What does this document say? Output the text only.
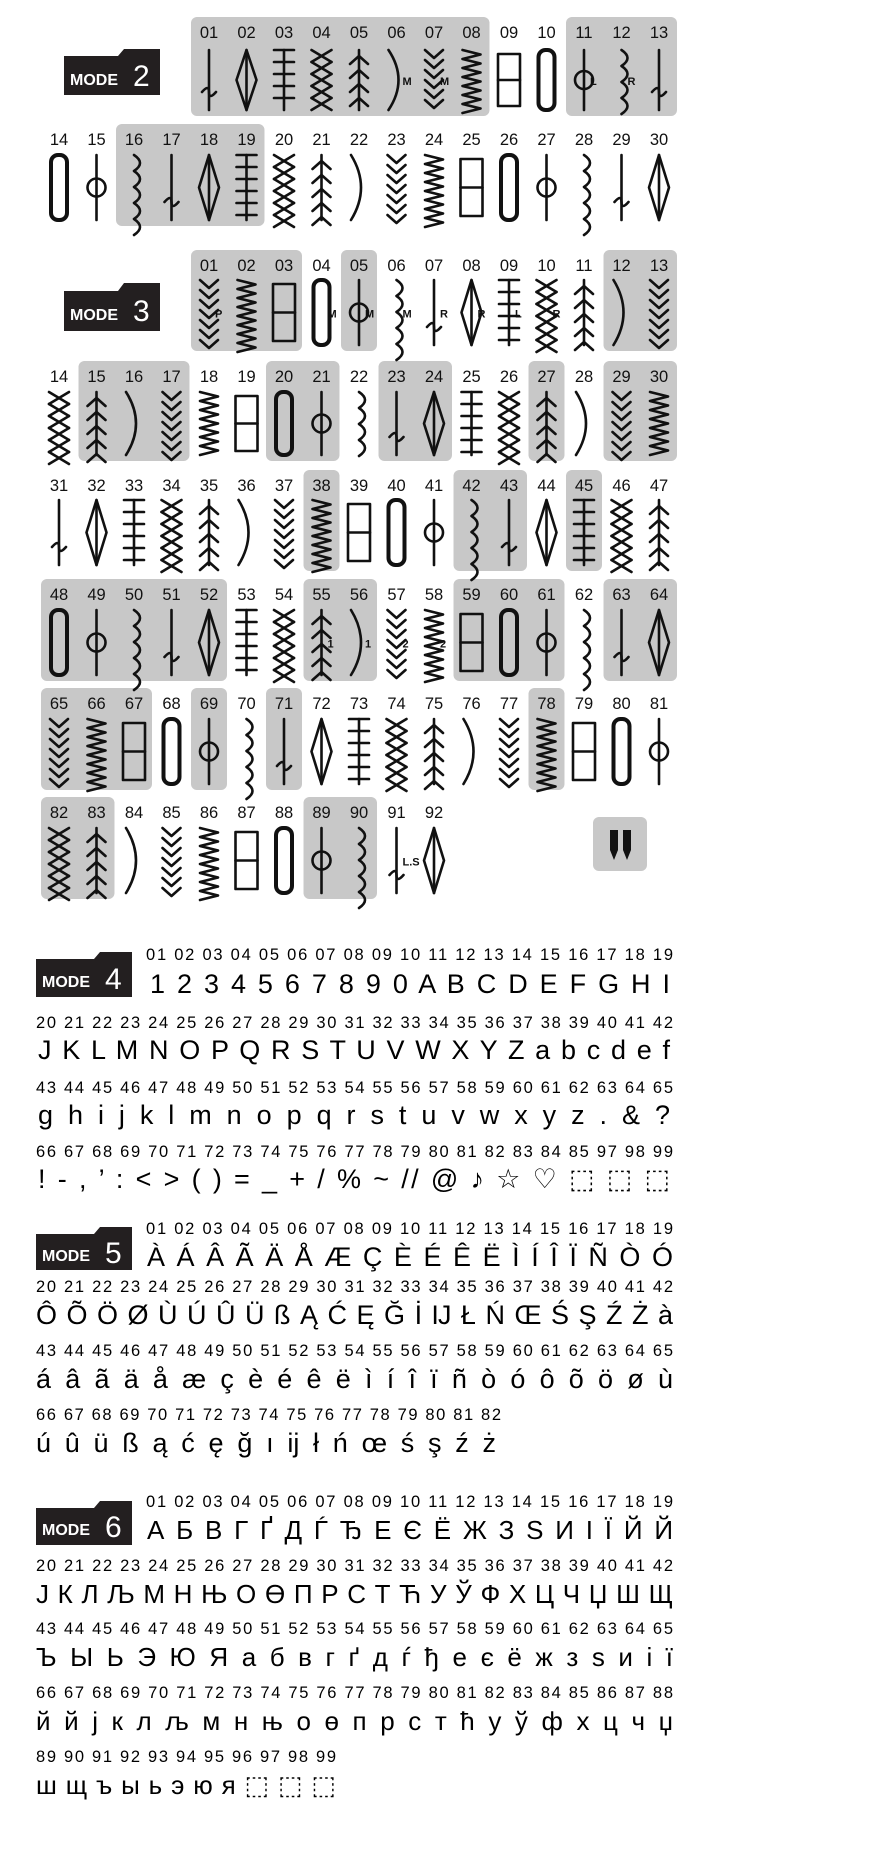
MODE 2
MODE 3
MODE 4
MODE 5
MODE 6
01 02 03 04 05 06 07 08 09 10 11 12 13
14 15 16 17 18 19 20 21 22 23 24 25 26 27 28 29 30
01 02 03 04 05 06 07 08 09 10 11 12 13
14 15 16 17 18 19 20 21 22 23 24 25 26 27 28 29 30
31 32 33 34 35 36 37 38 39 40 41 42 43 44 45 46 47
48 49 50 51 52 53 54 55 56 57 58 59 60 61 62 63 64
65 66 67 68 69 70 71 72 73 74 75 76 77 78 79 80 81
82 83 84 85 86 87 88 89 90 91 92
M	M	L	R
P	M	M	M	R	R	L	R
1	1	2	2
L.S
01 02 03 04 05 06 07 08 09 10 11 12 13 14 15 16 17 18 19
1 2 3 4 5 6 7 8 9 0 A B C D E F G H I
20 21 22 23 24 25 26 27 28 29 30 31 32 33 34 35 36 37 38 39 40 41 42
J K L M N O P Q R S T U V W X Y Z a b c d e f
43 44 45 46 47 48 49 50 51 52 53 54 55 56 57 58 59 60 61 62 63 64 65
g h i j k l m n o p q r s t u v w x y z . & ?
66 67 68 69 70 71 72 73 74 75 76 77 78 79 80 81 82 83 84 85 97 98 99
! - , ’ : < > ( ) = _ + / % ~ // @ ♪ ☆ ♡ ⬚ ⬚ ⬚
01 02 03 04 05 06 07 08 09 10 11 12 13 14 15 16 17 18 19
À Á Â Ã Ä Å Æ Ç È É Ê Ë Ì Í Î Ï Ñ Ò Ó
20 21 22 23 24 25 26 27 28 29 30 31 32 33 34 35 36 37 38 39 40 41 42
Ô Õ Ö Ø Ù Ú Û Ü ß Ą Ć Ę Ğ İ Ĳ Ł Ń Œ Ś Ş Ź Ż à
43 44 45 46 47 48 49 50 51 52 53 54 55 56 57 58 59 60 61 62 63 64 65
á â ã ä å æ ç è é ê ë ì í î ï ñ ò ó ô õ ö ø ù
66 67 68 69 70 71 72 73 74 75 76 77 78 79 80 81 82
ú û ü ß ą ć ę ğ ı ĳ ł ń œ ś ş ź ż
01 02 03 04 05 06 07 08 09 10 11 12 13 14 15 16 17 18 19
А Б В Г Ґ Д Ѓ Ђ Е Є Ё Ж З S И І Ї Й Й
20 21 22 23 24 25 26 27 28 29 30 31 32 33 34 35 36 37 38 39 40 41 42
J К Л Љ М Н Њ О Ө П Р С Т Ћ У Ў Ф Х Ц Ч Џ Ш Щ
43 44 45 46 47 48 49 50 51 52 53 54 55 56 57 58 59 60 61 62 63 64 65
Ъ Ы Ь Э Ю Я а б в г ґ д ѓ ђ е є ё ж з ѕ и і ї
66 67 68 69 70 71 72 73 74 75 76 77 78 79 80 81 82 83 84 85 86 87 88
й й ј к л љ м н њ о ө п р с т ћ у ў ф х ц ч џ
89 90 91 92 93 94 95 96 97 98 99
ш щ ъ ы ь э ю я ⬚ ⬚ ⬚
